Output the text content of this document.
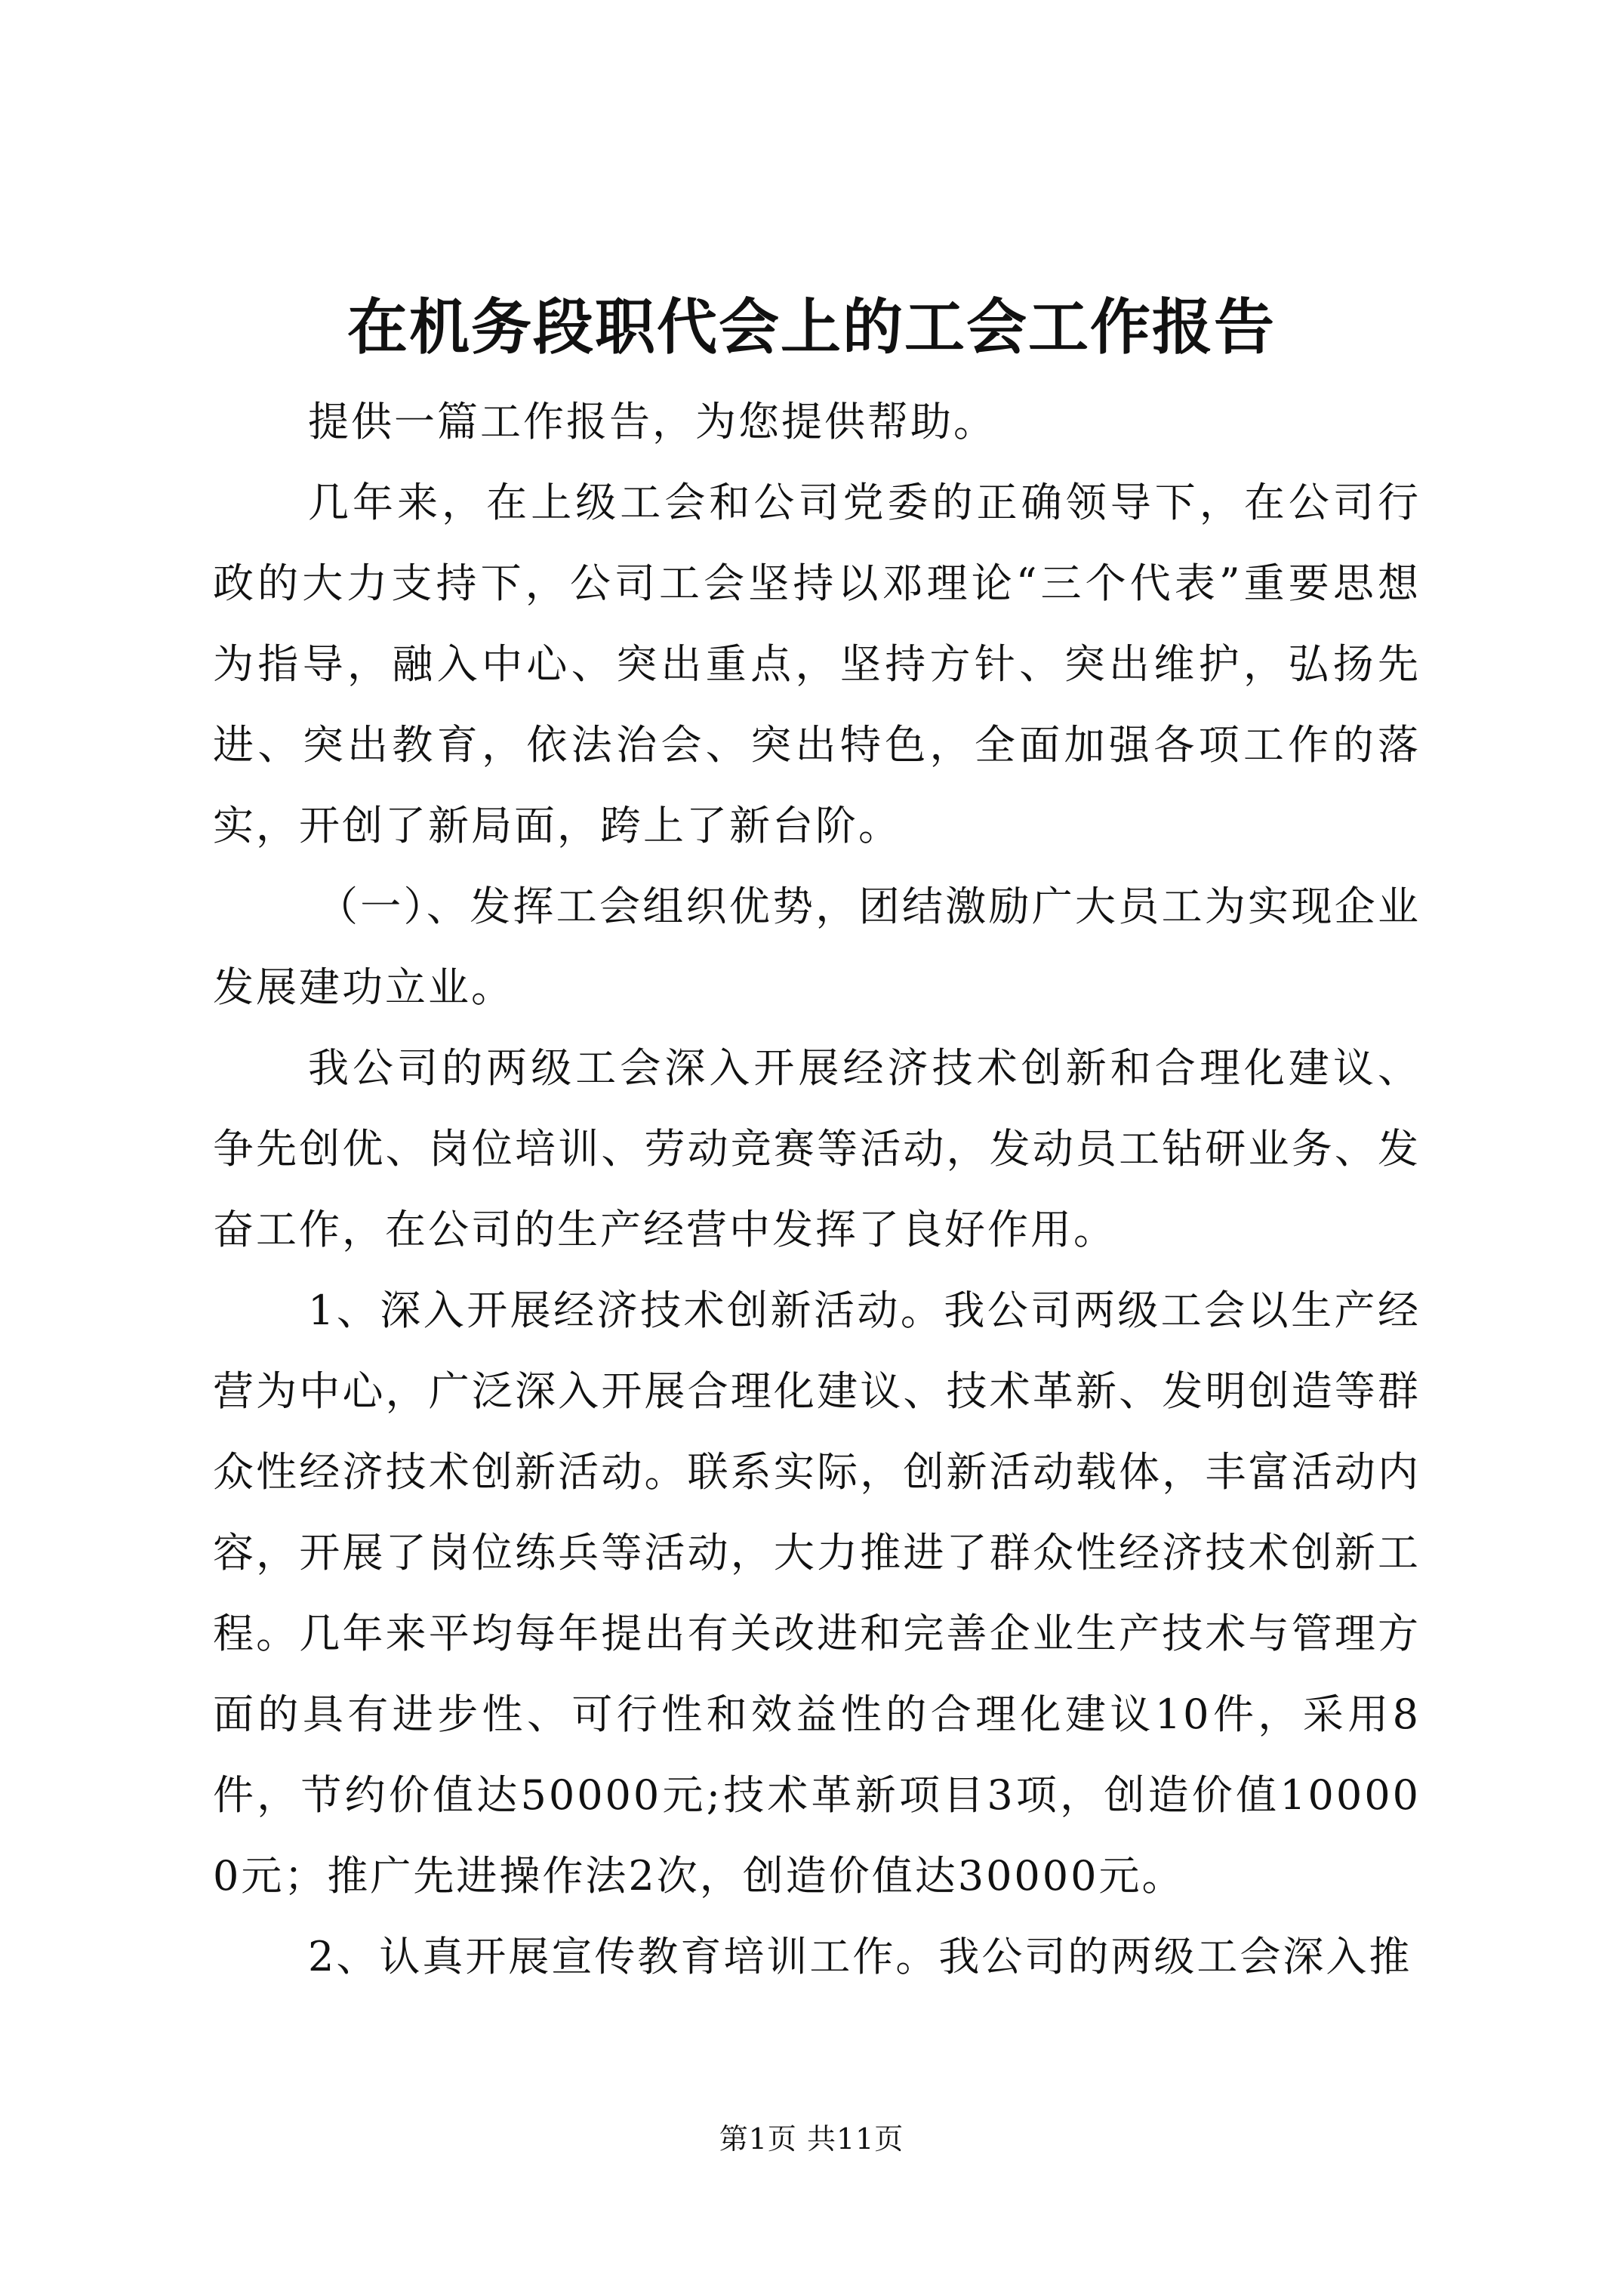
在机务段职代会上的工会工作报告

提供一篇工作报告，为您提供帮助。

几年来，在上级工会和公司党委的正确领导下，在公司行政的大力支持下，公司工会坚持以邓理论“三个代表”重要思想为指导，融入中心、突出重点，坚持方针、突出维护，弘扬先进、突出教育，依法治会、突出特色，全面加强各项工作的落实，开创了新局面，跨上了新台阶。

（一）、发挥工会组织优势，团结激励广大员工为实现企业发展建功立业。

我公司的两级工会深入开展经济技术创新和合理化建议、争先创优、岗位培训、劳动竞赛等活动，发动员工钻研业务、发奋工作，在公司的生产经营中发挥了良好作用。

1、深入开展经济技术创新活动。我公司两级工会以生产经营为中心，广泛深入开展合理化建议、技术革新、发明创造等群众性经济技术创新活动。联系实际，创新活动载体，丰富活动内容，开展了岗位练兵等活动，大力推进了群众性经济技术创新工程。几年来平均每年提出有关改进和完善企业生产技术与管理方面的具有进步性、可行性和效益性的合理化建议10件，采用8件，节约价值达50000元;技术革新项目3项，创造价值100000元；推广先进操作法2次，创造价值达30000元。

2、认真开展宣传教育培训工作。我公司的两级工会深入推

第1页 共11页
